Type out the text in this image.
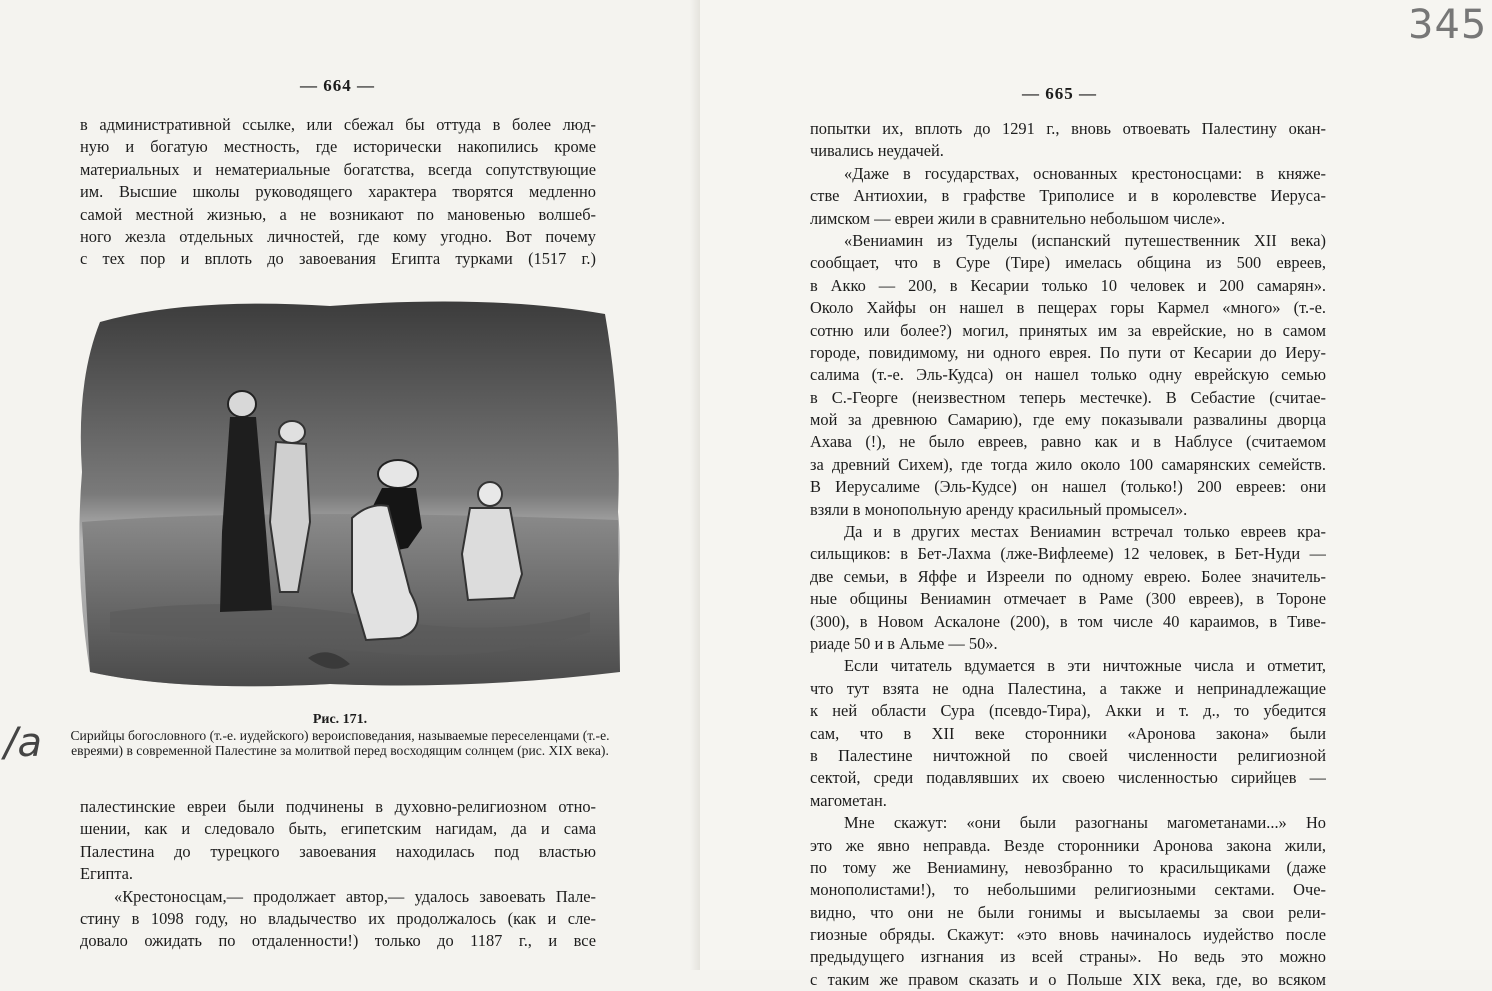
— 664 —
в административной ссылке, или сбежал бы оттуда в более люд-
ную и богатую местность, где исторически накопились кроме
материальных и нематериальные богатства, всегда сопутствующие
им. Высшие школы руководящего характера творятся медленно
самой местной жизнью, а не возникают по мановенью волшеб-
ного жезла отдельных личностей, где кому угодно. Вот почему
с тех пор и вплоть до завоевания Египта турками (1517 г.)
Рис. 171.
Сирийцы богословного (т.-е. иудейского) вероисповедания, называемые переселенцами (т.-е. евреями) в современной Палестине за молитвой перед восходящим солнцем (рис. XIX века).
палестинские евреи были подчинены в духовно-религиозном отно-
шении, как и следовало быть, египетским нагидам, да и сама
Палестина до турецкого завоевания находилась под властью
Египта.
«Крестоносцам,— продолжает автор,— удалось завоевать Пале-
стину в 1098 году, но владычество их продолжалось (как и сле-
довало ожидать по отдаленности!) только до 1187 г., и все
/а
— 665 —
345
попытки их, вплоть до 1291 г., вновь отвоевать Палестину окан-
чивались неудачей.
«Даже в государствах, основанных крестоносцами: в княже-
стве Антиохии, в графстве Триполисе и в королевстве Иеруса-
лимском — евреи жили в сравнительно небольшом числе».
«Вениамин из Туделы (испанский путешественник XII века)
сообщает, что в Суре (Тире) имелась община из 500 евреев,
в Акко — 200, в Кесарии только 10 человек и 200 самарян».
Около Хайфы он нашел в пещерах горы Кармел «много» (т.-е.
сотню или более?) могил, принятых им за еврейские, но в самом
городе, повидимому, ни одного еврея. По пути от Кесарии до Иеру-
салима (т.-е. Эль-Кудса) он нашел только одну еврейскую семью
в С.-Георге (неизвестном теперь местечке). В Себастие (считае-
мой за древнюю Самарию), где ему показывали развалины дворца
Ахава (!), не было евреев, равно как и в Наблусе (считаемом
за древний Сихем), где тогда жило около 100 самарянских семейств.
В Иерусалиме (Эль-Кудсе) он нашел (только!) 200 евреев: они
взяли в монопольную аренду красильный промысел».
Да и в других местах Вениамин встречал только евреев кра-
сильщиков: в Бет-Лахма (лже-Вифлееме) 12 человек, в Бет-Нуди —
две семьи, в Яффе и Изреели по одному еврею. Более значитель-
ные общины Вениамин отмечает в Раме (300 евреев), в Тороне
(300), в Новом Аскалоне (200), в том числе 40 караимов, в Тиве-
риаде 50 и в Альме — 50».
Если читатель вдумается в эти ничтожные числа и отметит,
что тут взята не одна Палестина, а также и непринадлежащие
к ней области Сура (псевдо-Тира), Акки и т. д., то убедится
сам, что в XII веке сторонники «Аронова закона» были
в Палестине ничтожной по своей численности религиозной
сектой, среди подавлявших их своею численностью сирийцев —
магометан.
Мне скажут: «они были разогнаны магометанами...» Но
это же явно неправда. Везде сторонники Аронова закона жили,
по тому же Вениамину, невозбранно то красильщиками (даже
монополистами!), то небольшими религиозными сектами. Оче-
видно, что они не были гонимы и высылаемы за свои рели-
гиозные обряды. Скажут: «это вновь начиналось иудейство после
предыдущего изгнания из всей страны». Но ведь это можно
с таким же правом сказать и о Польше XIX века, где, во всяком
